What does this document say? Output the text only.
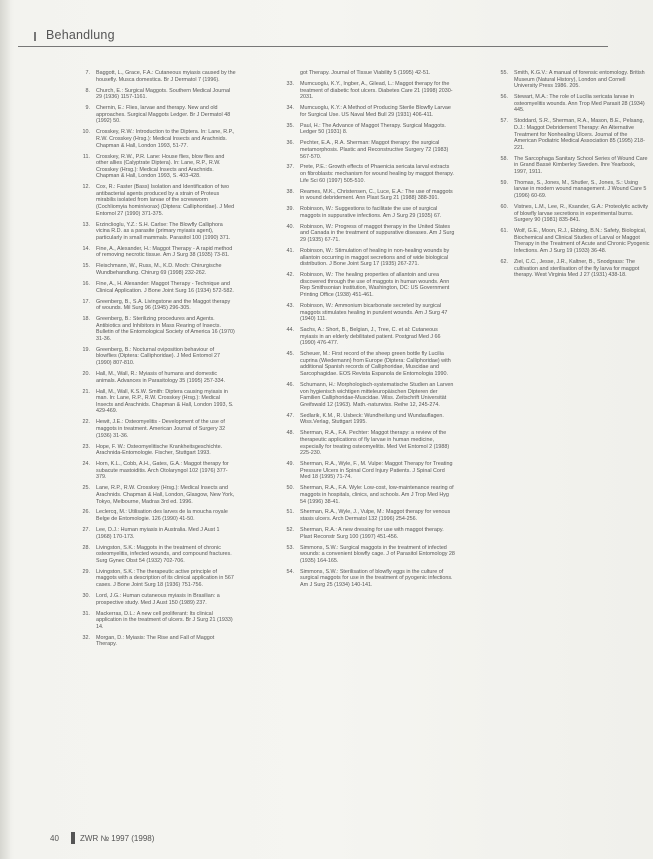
Behandlung
7. Baggott, L., Grace, F.A.: Cutaneous myiasis caused by the housefly. Musca domestica. Br J Dermatol 7 (1996).
8. Church, E.: Surgical Maggots. Southern Medical Journal 29 (1936) 1157-1161.
9. Chernin, E.: Flies, larvae and therapy. New and old approaches. Surgical Maggots Ledger. Br J Dermatol 48 (1992) 50.
10. Crosskey, R.W.: Introduction to the Diptera. In: Lane, R.P., R.W. Crosskey (Hrsg.): Medical Insects and Arachnids. Chapman & Hall, London 1993, 51-77.
11. Crosskey, R.W., P.R. Lane: House flies, blow flies and other allies (Calyptrate Diptera). In: Lane, R.P., R.W. Crosskey (Hrsg.): Medical Insects and Arachnids. Chapman & Hall, London 1993, S. 403-428.
12. Cox, R.: Faster (Bass) Isolation and Identification of two antibacterial agents produced by a strain of Proteus mirabilis isolated from larvae of the screwworm (Cochliomyia hominivorax) (Diptera: Calliphoridae). J Med Entomol 27 (1990) 371-375.
13. Erzinclioglu, Y.Z.: S.H. Carlse: The Blowfly Calliphora vicina R.D. as a parasite (primary myiasis agent), particularly in small mammals. Parasitol 100 (1990) 371.
14. Fine, A., Alexander, H.: Maggot Therapy - A rapid method of removing necrotic tissue. Am J Surg 38 (1935) 73-81.
15. Fleischmann, W., Russ, M., K.D. Moch: Chirurgische Wundbehandlung. Chirurg 69 (1998) 232-262.
16. Fine, A., H. Alexander: Maggot Therapy - Technique and Clinical Application. J Bone Joint Surg 16 (1934) 572-582.
17. Greenberg, B., S.A. Livingstone and the Maggot therapy of wounds. Mil Surg 96 (1945) 296-305.
18. Greenberg, B.: Sterilizing procedures and Agents. Antibiotics and Inhibitors in Mass Rearing of Insects. Bulletin of the Entomological Society of America 16 (1970) 31-36.
19. Greenberg, B.: Nocturnal oviposition behaviour of blowflies (Diptera: Calliphoridae). J Med Entomol 27 (1990) 807-810.
20. Hall, M., Wall, R.: Myiasis of humans and domestic animals. Advances in Parasitology 35 (1995) 257-334.
21. Hall, M., Wall, K.S.W. Smith: Diptera causing myiasis in man. In: Lane, R.P., R.W. Crosskey (Hrsg.): Medical Insects and Arachnids. Chapman & Hall, London 1993, S. 429-469.
22. Hewit, J.E.: Osteomyelitis - Development of the use of maggots in treatment. American Journal of Surgery 32 (1936) 31-36.
23. Hope, F. W.: Osteomyelitische Krankheitsgeschichte. Arachnida-Entomologie. Fischer, Stuttgart 1993.
24. Horn, K.L., Cobb, A.H., Gates, G.A.: Maggot therapy for subacute mastoiditis. Arch Otolaryngol 102 (1976) 377-379.
25. Lane, R.P., R.W. Crosskey (Hrsg.): Medical Insects and Arachnids. Chapman & Hall, London, Glasgow, New York, Tokyo, Melbourne, Madras 3rd ed. 1996.
26. Leclercq, M.: Utilisation des larves de la moucha royale Belge de Entomologie. 126 (1990) 41-50.
27. Lee, D.J.: Human myiasis in Australia. Med J Aust 1 (1968) 170-173.
28. Livingston, S.K.: Maggots in the treatment of chronic osteomyelitis, infected wounds, and compound fractures. Surg Gynec Obst 54 (1932) 702-706.
29. Livingston, S.K.: The therapeutic active principle of maggots with a description of its clinical application in 567 cases. J Bone Joint Surg 18 (1936) 751-756.
30. Lord, J.G.: Human cutaneous myiasis in Brasilian: a prospective study. Med J Aust 150 (1989) 237.
31. Mackerras, D.L.: A new cell proliferant: Its clinical application in the treatment of ulcers. Br J Surg 21 (1933) 14.
32. Morgan, D.: Myiasis: The Rise and Fall of Maggot Therapy.
got Therapy. Journal of Tissue Viability 5 (1995) 42-51.
33. Mumcuoglu, K.Y., Ingber, A., Gilead, L.: Maggot therapy for the treatment of diabetic foot ulcers. Diabetes Care 21 (1998) 2030-2031.
34. Mumcuoglu, K.Y.: A Method of Producing Sterile Blowfly Larvae for Surgical Use. US Naval Med Bull 29 (1931) 406-411.
35. Paul, H.: The Advance of Maggot Therapy. Surgical Maggots. Ledger 50 (1931) 8.
36. Pechter, E.A., R.A. Sherman: Maggot therapy: the surgical metamorphosis. Plastic and Reconstructive Surgery 72 (1983) 567-570.
37. Prete, P.E.: Growth effects of Phaenicia sericata larval extracts on fibroblasts: mechanism for wound healing by maggot therapy. Life Sci 60 (1997) 505-510.
38. Reames, M.K., Christensen, C., Luce, E.A.: The use of maggots in wound debridement. Ann Plast Surg 21 (1988) 388-391.
39. Robinson, W.: Suggestions to facilitate the use of surgical maggots in suppurative infections. Am J Surg 29 (1935) 67.
40. Robinson, W.: Progress of maggot therapy in the United States and Canada in the treatment of suppurative diseases. Am J Surg 29 (1935) 67-71.
41. Robinson, W.: Stimulation of healing in non-healing wounds by allantoin occurring in maggot secretions and of wide biological distribution. J Bone Joint Surg 17 (1935) 267-271.
42. Robinson, W.: The healing properties of allantoin and urea discovered through the use of maggots in human wounds. Ann Rep Smithsonian Institution, Washington, DC: US Government Printing Office (1938) 451-461.
43. Robinson, W.: Ammonium bicarbonate secreted by surgical maggots stimulates healing in purulent wounds. Am J Surg 47 (1940) 111.
44. Sachs, A.: Short, B., Belgian, J., Tree, C. et al: Cutaneous myiasis in an elderly debilitated patient. Postgrad Med J 66 (1990) 476-477.
45. Scheuer, M.: First record of the sheep green bottle fly Lucilia cuprina (Wiedemann) from Europe (Diptera: Calliphoridae) with additional Spanish records of Calliphoridae, Muscidae and Sarcophagidae. EOS Revista Espanola de Entomologia 1990.
46. Schumann, H.: Morphologisch-systematische Studien an Larven von hygienisch wichtigen mitteleuropäischen Dipteren der Familien Calliphoridae-Muscidae. Wiss. Zeitschrift Universität Greifswald 12 (1963). Math.-naturwiss. Reihe 12, 245-274.
47. Sedlarik, K.M., R. Usbeck: Wundheilung und Wundauflagen. Wiss.Verlag, Stuttgart 1995.
48. Sherman, R.A., F.A. Pechter: Maggot therapy: a review of the therapeutic applications of fly larvae in human medicine, especially for treating osteomyelitis. Med Vet Entomol 2 (1988) 225-230.
49. Sherman, R.A., Wyle, F., M. Vulpe: Maggot Therapy for Treating Pressure Ulcers in Spinal Cord Injury Patients. J Spinal Cord Med 18 (1995) 71-74.
50. Sherman, R.A., F.A. Wyle: Low-cost, low-maintenance rearing of maggots in hospitals, clinics, and schools. Am J Trop Med Hyg 54 (1996) 38-41.
51. Sherman, R.A., Wyle, J., Vulpe, M.: Maggot therapy for venous stasis ulcers. Arch Dermatol 132 (1996) 254-256.
52. Sherman, R.A.: A new dressing for use with maggot therapy. Plast Reconstr Surg 100 (1997) 451-456.
53. Simmons, S.W.: Surgical maggots in the treatment of infected wounds: a convenient blowfly cage. J of Parasitol Entomology 28 (1935) 164-165.
54. Simmons, S.W.: Sterilisation of blowfly eggs in the culture of surgical maggots for use in the treatment of pyogenic infections. Am J Surg 25 (1934) 140-141.
55. Smith, K.G.V.: A manual of forensic entomology. British Museum (Natural History), London and Cornell University Press 1986. 205.
56. Stewart, M.A.: The role of Lucilia sericata larvae in osteomyelitis wounds. Ann Trop Med Parasit 28 (1934) 445.
57. Stoddard, S.R., Sherman, R.A., Mason, B.E., Pelsang, D.J.: Maggot Debridement Therapy: An Alternative Treatment for Nonhealing Ulcers. Journal of the American Podiatric Medical Association 85 (1995) 218-221.
58. The Sarcophaga Sanitary School Series of Wound Care in Grand Bassé Kimberley Sweden. Ihre Yearbook, 1997, 1911.
59. Thomas, S., Jones, M., Shutler, S., Jones, S.: Using larvae in modern wound management. J Wound Care 5 (1996) 60-69.
60. Vistnes, L.M., Lee, R., Ksander, G.A.: Proteolytic activity of blowfly larvae secretions in experimental burns. Surgery 90 (1981) 835-841.
61. Wolf, G.E., Moon, R.J., Ebbing, B.N.: Safety, Biological, Biochemical and Clinical Studies of Larval or Maggot Therapy in the Treatment of Acute and Chronic Pyogenic Infections. Am J Surg 19 (1933) 36-48.
62. Ziel, C.C., Jesse, J.R., Kaltner, B., Snodgrass: The cultivation and sterilisation of the fly larva for maggot therapy. West Virginia Med J 27 (1931) 438-18.
40	ZWR № 1997 (1998)
